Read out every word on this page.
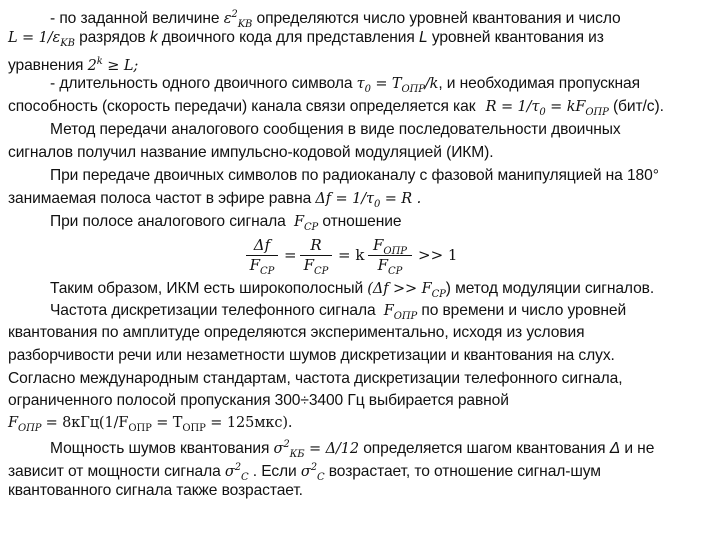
- по заданной величине $\varepsilon^2_{KB}$ определяются число уровней квантования и число
$L = 1/\varepsilon_{KB}$ разрядов k двоичного кода для представления L уровней квантования из
уравнения $2^k \ge L$;
- длительность одного двоичного символа $\tau_0 = T_{ОПР}/k$, и необходимая пропускная
способность (скорость передачи) канала связи определяется как $R = 1/\tau_0 = kF_{ОПР}$ (бит/с).
Метод передачи аналогового сообщения в виде последовательности двоичных
сигналов получил название импульсно-кодовой модуляцией (ИКМ).
При передаче двоичных символов по радиоканалу с фазовой манипуляцией на 180°
занимаемая полоса частот в эфире равна $\Delta f = 1/\tau_0 = R$ .
При полосе аналогового сигнала $F_{CP}$ отношение
Δf
$F_{CP}$
=
R
$F_{CP}$
= k
$F_{ОПР}$
$F_{CP}$
>> 1
Таким образом, ИКМ есть широкополосный $(\Delta f >> F_{CP})$ метод модуляции сигналов.
Частота дискретизации телефонного сигнала $F_{ОПР}$ по времени и число уровней
квантования по амплитуде определяются экспериментально, исходя из условия
разборчивости речи или незаметности шумов дискретизации и квантования на слух.
Согласно международным стандартам, частота дискретизации телефонного сигнала,
ограниченного полосой пропускания 300÷3400 Гц выбирается равной
$F_{ОПР} = 8кГц(1/F_{ОПР} = T_{ОПР} = 125мкс)$.
Мощность шумов квантования $\sigma^2_{КБ} = \Delta/12$ определяется шагом квантования Δ и не
зависит от мощности сигнала $\sigma^2_C$ . Если $\sigma^2_C$ возрастает, то отношение сигнал-шум
квантованного сигнала также возрастает.
